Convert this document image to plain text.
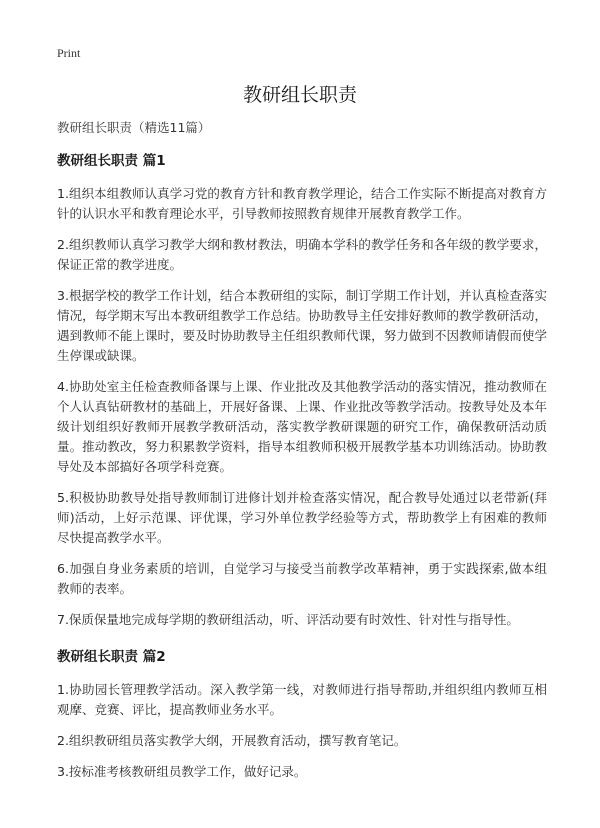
Print
教研组长职责

教研组长职责（精选11篇）

教研组长职责 篇1

1.组织本组教师认真学习党的教育方针和教育教学理论，结合工作实际不断提高对教育方针的认识水平和教育理论水平，引导教师按照教育规律开展教育教学工作。

2.组织教师认真学习教学大纲和教材教法，明确本学科的教学任务和各年级的教学要求，保证正常的教学进度。

3.根据学校的教学工作计划，结合本教研组的实际，制订学期工作计划，并认真检查落实情况，每学期末写出本教研组教学工作总结。协助教导主任安排好教师的教学教研活动，遇到教师不能上课时，要及时协助教导主任组织教师代课，努力做到不因教师请假而使学生停课或缺课。

4.协助处室主任检查教师备课与上课、作业批改及其他教学活动的落实情况，推动教师在个人认真钻研教材的基础上，开展好备课、上课、作业批改等教学活动。按教导处及本年级计划组织好教师开展教学教研活动，落实教学教研课题的研究工作，确保教研活动质量。推动教改，努力积累教学资料，指导本组教师积极开展教学基本功训练活动。协助教导处及本部搞好各项学科竞赛。

5.积极协助教导处指导教师制订进修计划并检查落实情况，配合教导处通过以老带新(拜师)活动，上好示范课、评优课，学习外单位教学经验等方式，帮助教学上有困难的教师尽快提高教学水平。

6.加强自身业务素质的培训，自觉学习与接受当前教学改革精神，勇于实践探索,做本组教师的表率。

7.保质保量地完成每学期的教研组活动，听、评活动要有时效性、针对性与指导性。

教研组长职责 篇2

1.协助园长管理教学活动。深入教学第一线，对教师进行指导帮助,并组织组内教师互相观摩、竞赛、评比，提高教师业务水平。

2.组织教研组员落实教学大纲，开展教育活动，撰写教育笔记。

3.按标准考核教研组员教学工作，做好记录。
